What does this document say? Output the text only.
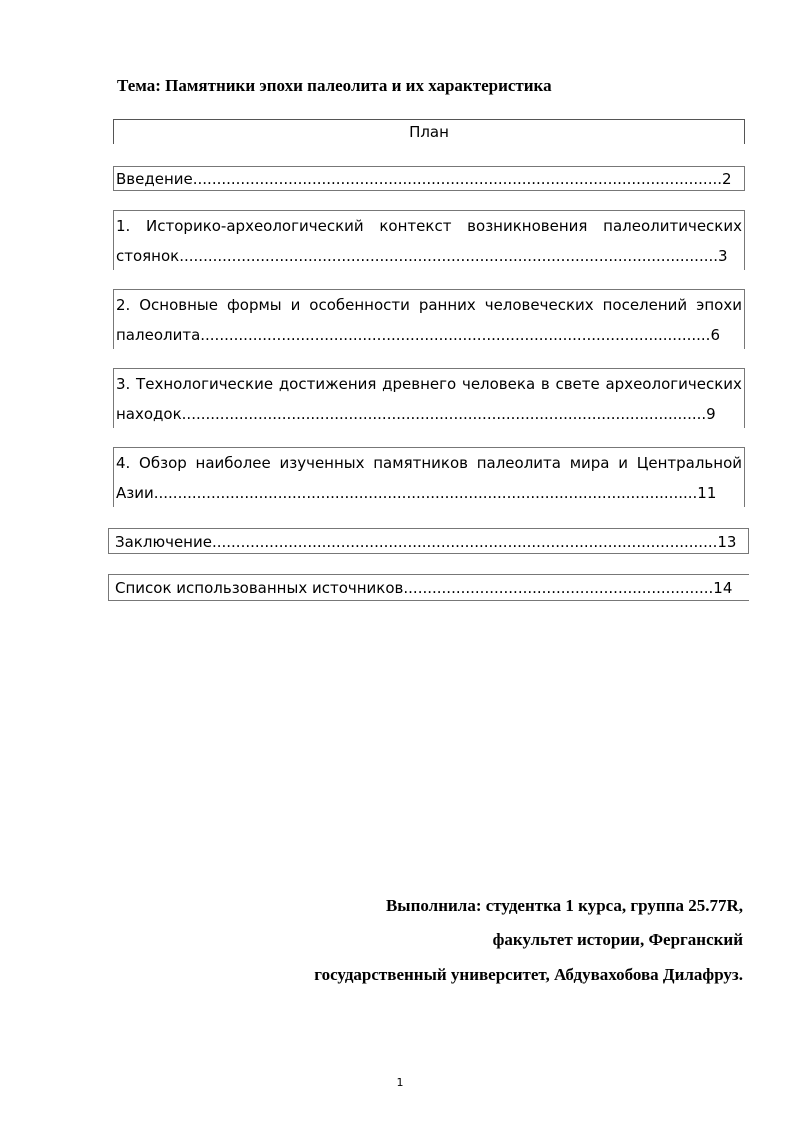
Тема: Памятники эпохи палеолита и их характеристика
План
Введение...............................................................................................................2
1. Историко-археологический контекст возникновения палеолитических
стоянок.................................................................................................................3
2. Основные формы и особенности ранних человеческих поселений эпохи
палеолита...........................................................................................................6
3. Технологические достижения древнего человека в свете археологических
находок..............................................................................................................9
4. Обзор наиболее изученных памятников палеолита мира и Центральной
Азии..................................................................................................................11
Заключение..........................................................................................................13
Список использованных источников.................................................................14
Выполнила: студентка 1 курса, группа 25.77R,
факультет истории, Ферганский
государственный университет, Абдувахобова Дилафруз.
1
